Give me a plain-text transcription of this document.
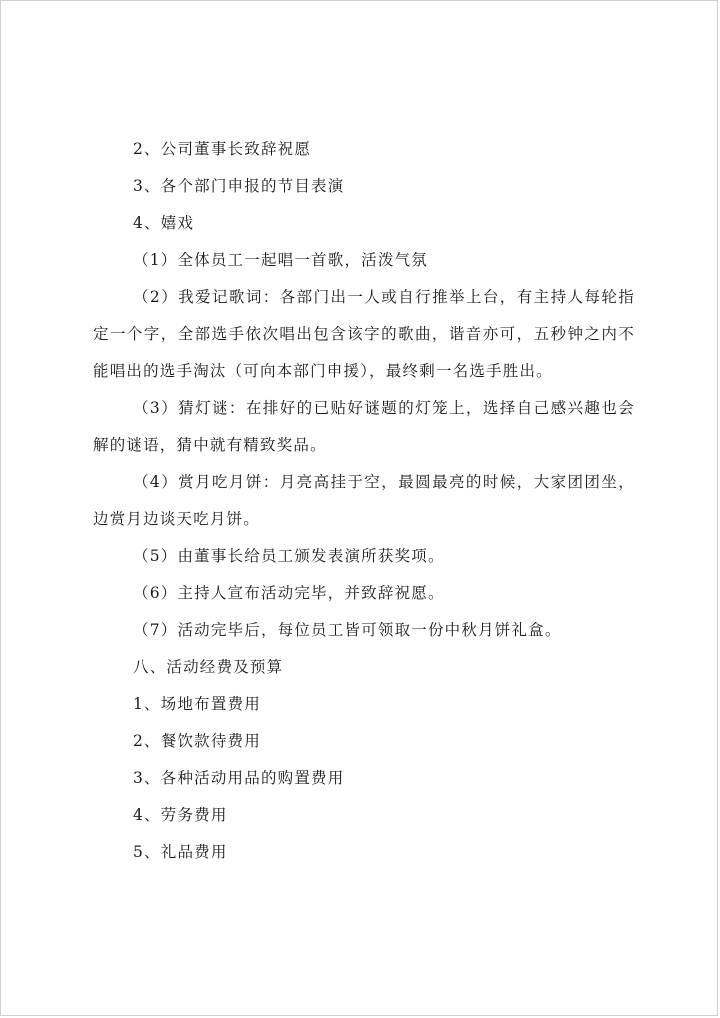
2、公司董事长致辞祝愿

3、各个部门申报的节目表演

4、嬉戏

（1）全体员工一起唱一首歌，活泼气氛

（2）我爱记歌词：各部门出一人或自行推举上台，有主持人每轮指定一个字，全部选手依次唱出包含该字的歌曲，谐音亦可，五秒钟之内不能唱出的选手淘汰（可向本部门申援），最终剩一名选手胜出。

（3）猜灯谜：在排好的已贴好谜题的灯笼上，选择自己感兴趣也会解的谜语，猜中就有精致奖品。

（4）赏月吃月饼：月亮高挂于空，最圆最亮的时候，大家团团坐，边赏月边谈天吃月饼。

（5）由董事长给员工颁发表演所获奖项。

（6）主持人宣布活动完毕，并致辞祝愿。

（7）活动完毕后，每位员工皆可领取一份中秋月饼礼盒。

八、活动经费及预算

1、场地布置费用

2、餐饮款待费用

3、各种活动用品的购置费用

4、劳务费用

5、礼品费用
